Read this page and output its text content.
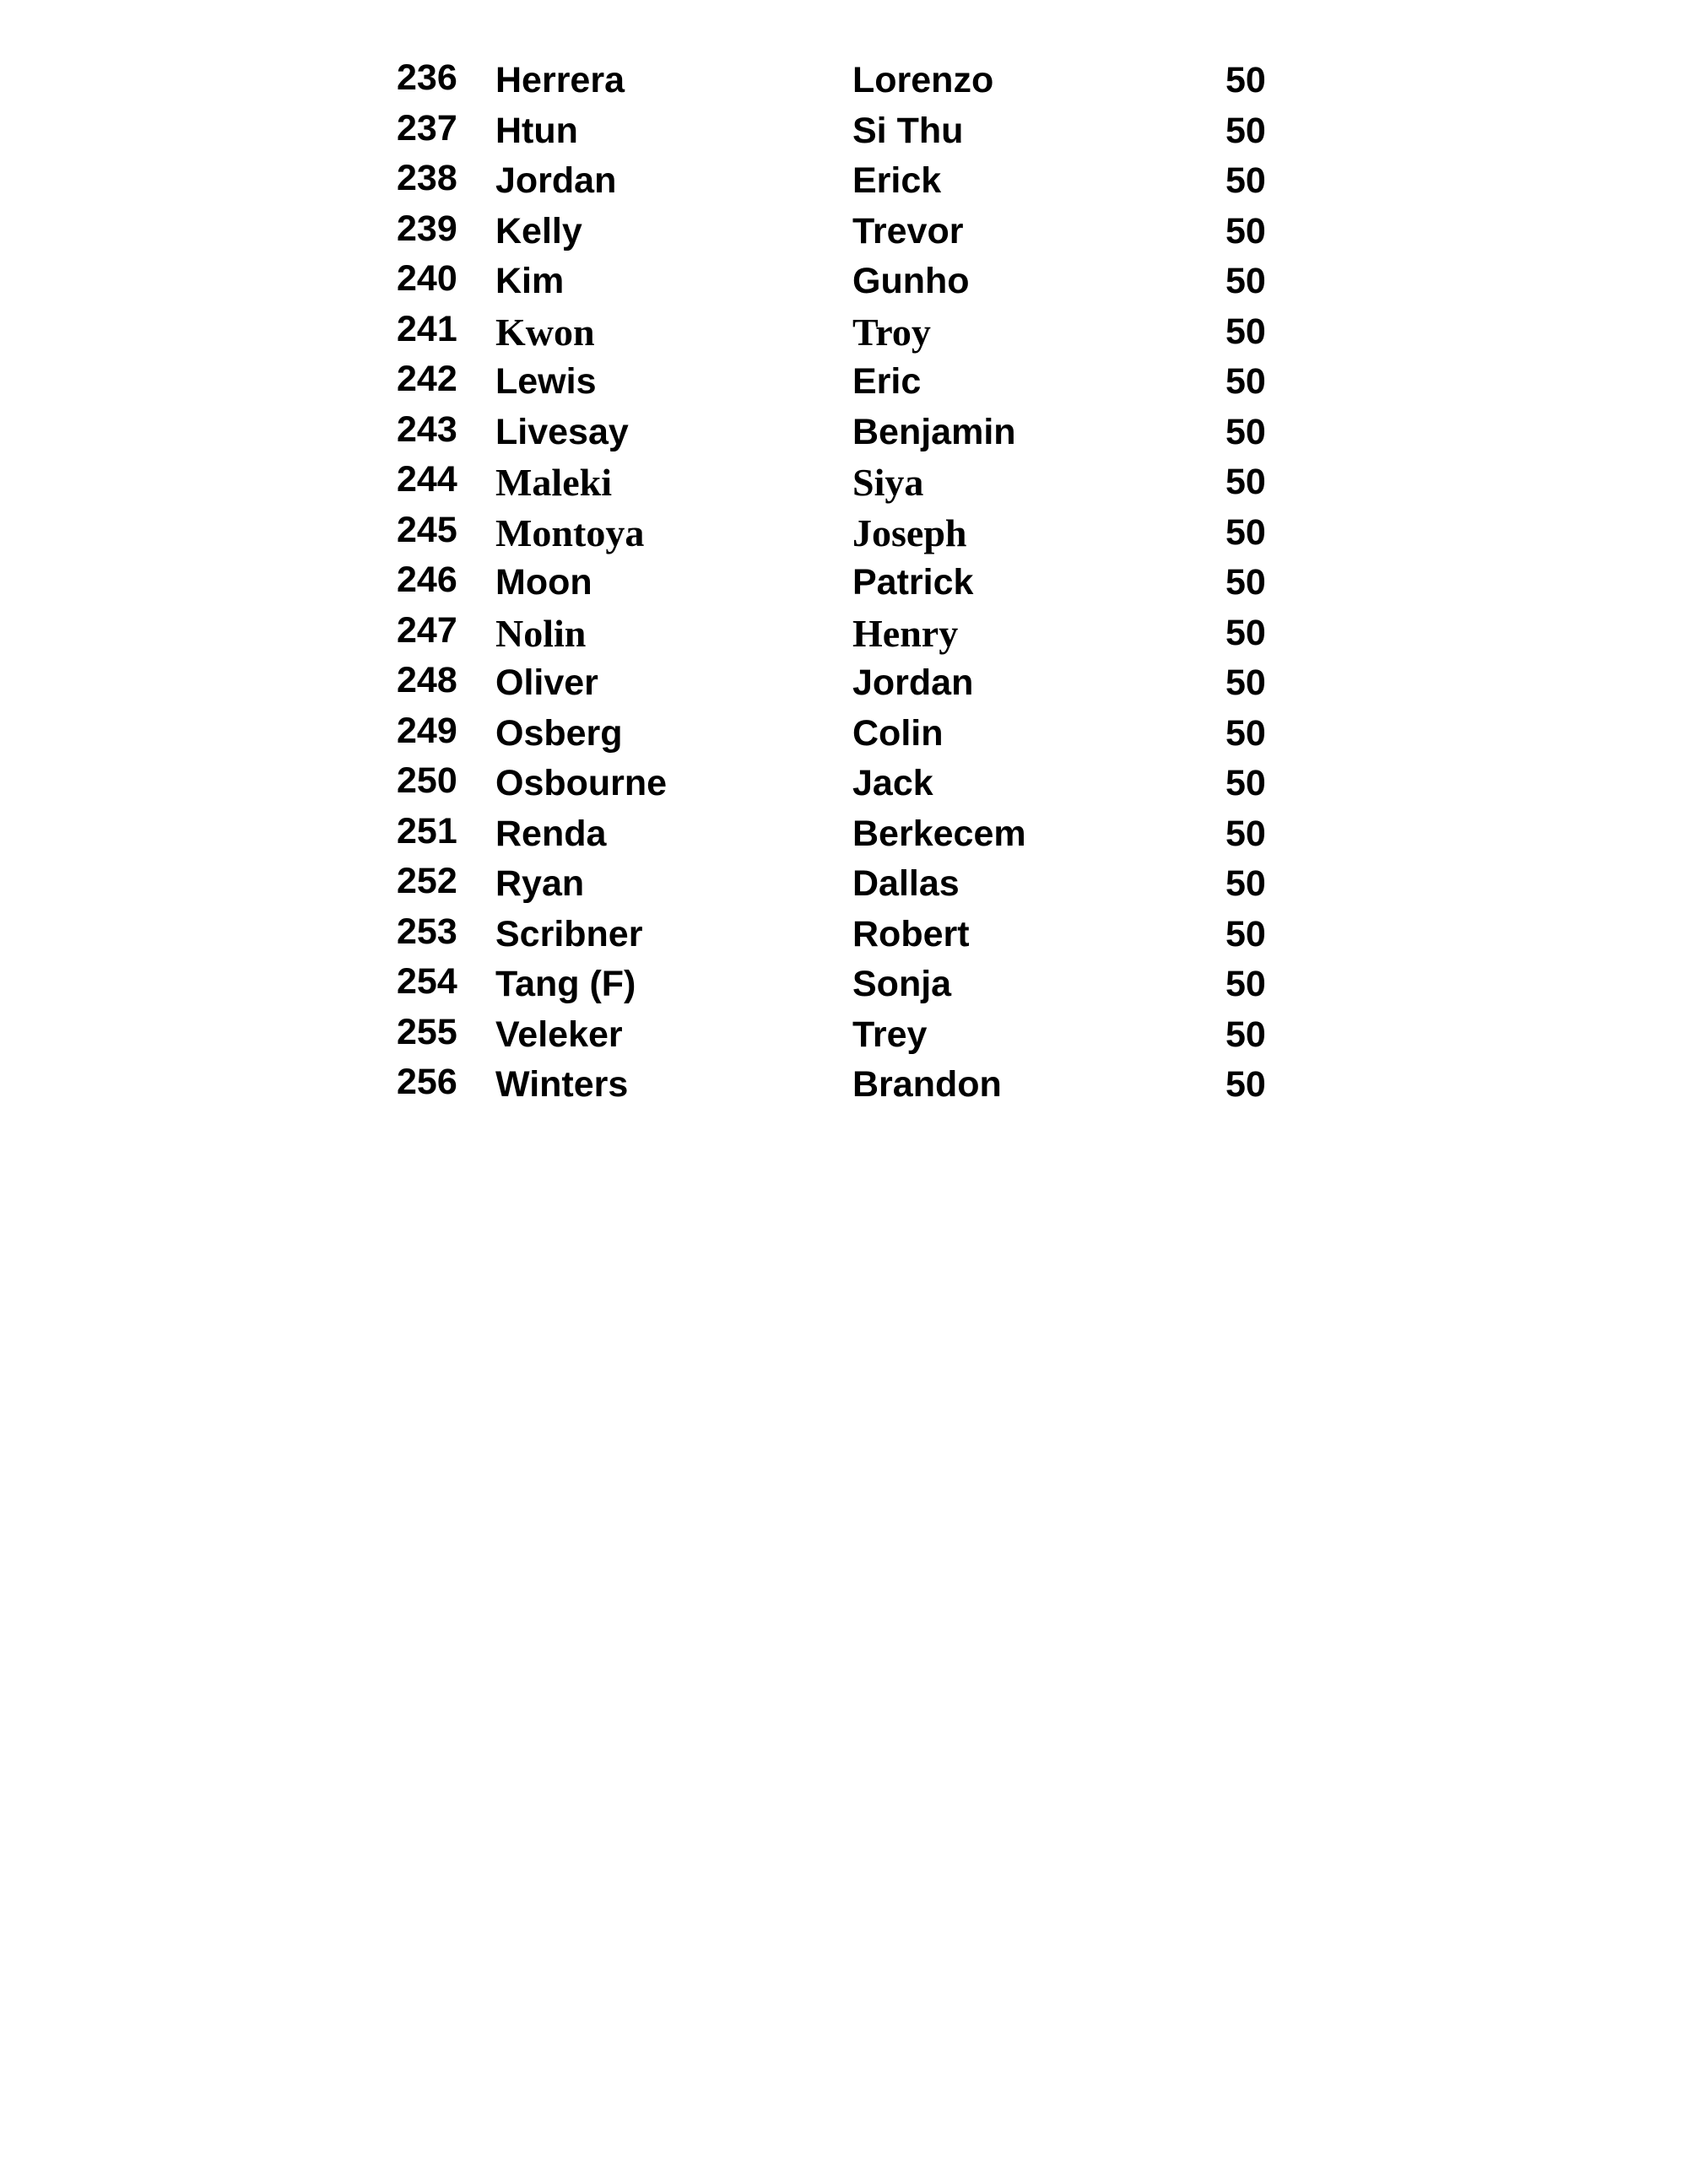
236 Herrera	Lorenzo	50
237 Htun	Si Thu	50
238 Jordan	Erick	50
239 Kelly	Trevor	50
240 Kim	Gunho	50
241 Kwon	Troy	50
242 Lewis	Eric	50
243 Livesay	Benjamin	50
244 Maleki	Siya	50
245 Montoya	Joseph	50
246 Moon	Patrick	50
247 Nolin	Henry	50
248 Oliver	Jordan	50
249 Osberg	Colin	50
250 Osbourne	Jack	50
251 Renda	Berkecem	50
252 Ryan	Dallas	50
253 Scribner	Robert	50
254 Tang (F)	Sonja	50
255 Veleker	Trey	50
256 Winters	Brandon	50
